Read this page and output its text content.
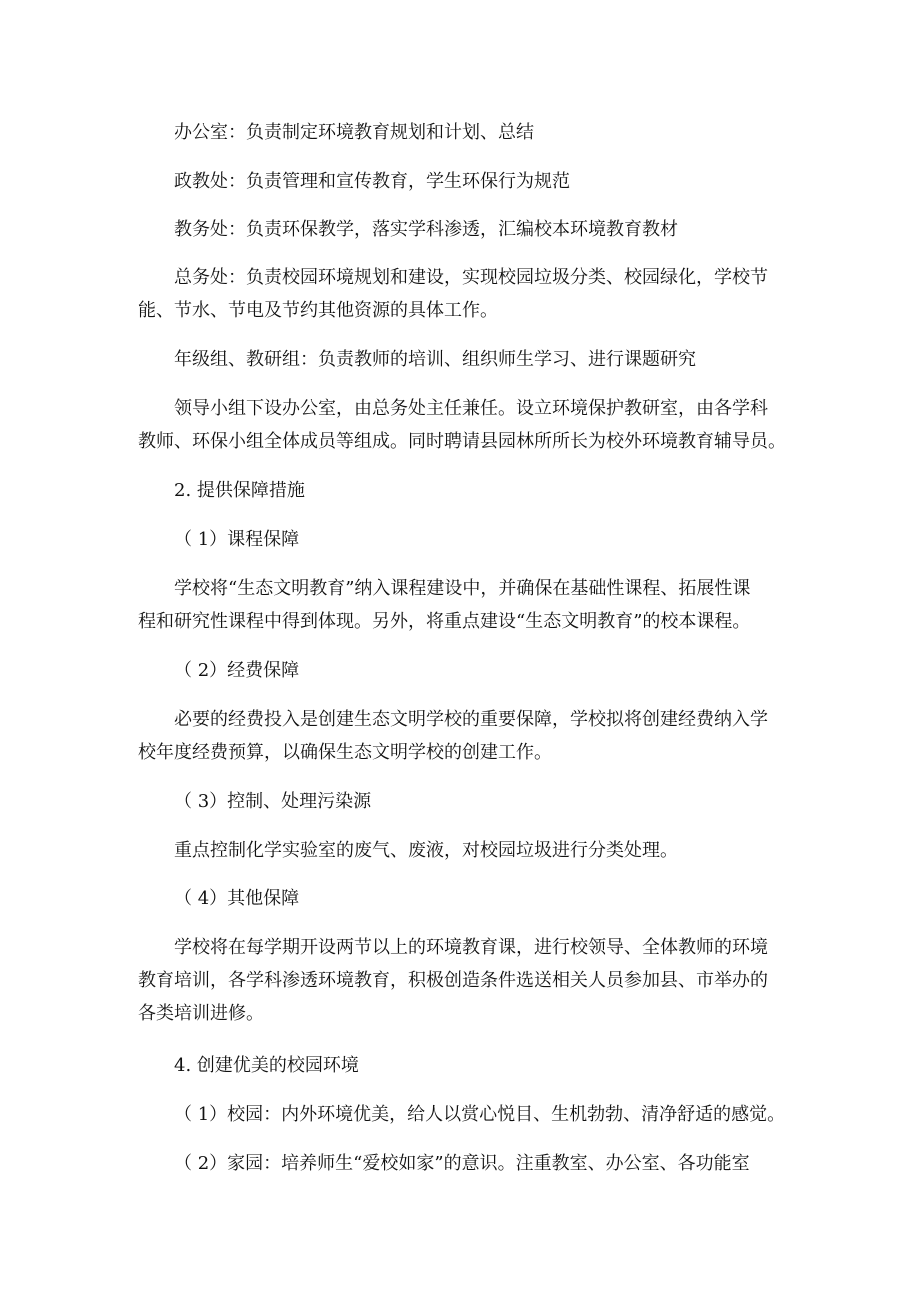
办公室：负责制定环境教育规划和计划、总结

政教处：负责管理和宣传教育，学生环保行为规范

教务处：负责环保教学，落实学科渗透，汇编校本环境教育教材

总务处：负责校园环境规划和建设，实现校园垃圾分类、校园绿化，学校节

能、节水、节电及节约其他资源的具体工作。

年级组、教研组：负责教师的培训、组织师生学习、进行课题研究

领导小组下设办公室，由总务处主任兼任。设立环境保护教研室，由各学科

教师、环保小组全体成员等组成。同时聘请县园林所所长为校外环境教育辅导员。

2. 提供保障措施

（ 1）课程保障

学校将“生态文明教育”纳入课程建设中，并确保在基础性课程、拓展性课

程和研究性课程中得到体现。另外，将重点建设“生态文明教育”的校本课程。

（ 2）经费保障

必要的经费投入是创建生态文明学校的重要保障，学校拟将创建经费纳入学

校年度经费预算，以确保生态文明学校的创建工作。

（ 3）控制、处理污染源

重点控制化学实验室的废气、废液，对校园垃圾进行分类处理。

（ 4）其他保障

学校将在每学期开设两节以上的环境教育课，进行校领导、全体教师的环境

教育培训，各学科渗透环境教育，积极创造条件选送相关人员参加县、市举办的

各类培训进修。

4. 创建优美的校园环境

（ 1）校园：内外环境优美，给人以赏心悦目、生机勃勃、清净舒适的感觉。

（ 2）家园：培养师生“爱校如家”的意识。注重教室、办公室、各功能室
